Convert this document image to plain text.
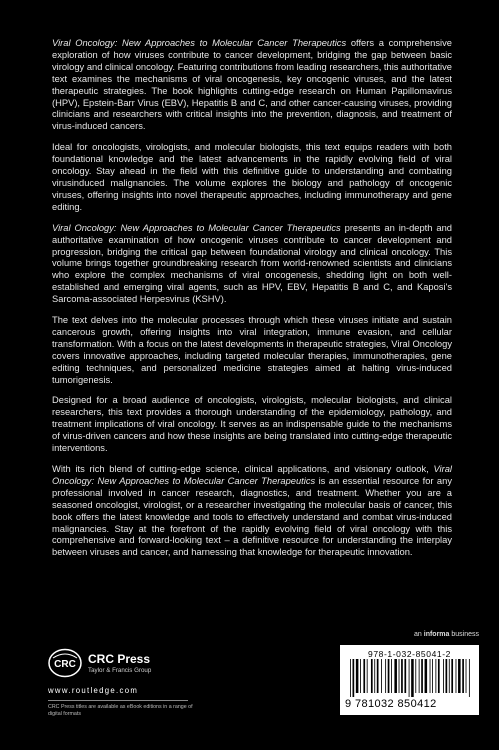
Viral Oncology: New Approaches to Molecular Cancer Therapeutics offers a comprehensive exploration of how viruses contribute to cancer development, bridging the gap between basic virology and clinical oncology. Featuring contributions from leading researchers, this authoritative text examines the mechanisms of viral oncogenesis, key oncogenic viruses, and the latest therapeutic strategies. The book highlights cutting-edge research on Human Papillomavirus (HPV), Epstein-Barr Virus (EBV), Hepatitis B and C, and other cancer-causing viruses, providing clinicians and researchers with critical insights into the prevention, diagnosis, and treatment of virus-induced cancers.

Ideal for oncologists, virologists, and molecular biologists, this text equips readers with both foundational knowledge and the latest advancements in the rapidly evolving field of viral oncology. Stay ahead in the field with this definitive guide to understanding and combating virusinduced malignancies. The volume explores the biology and pathology of oncogenic viruses, offering insights into novel therapeutic approaches, including immunotherapy and gene editing.

Viral Oncology: New Approaches to Molecular Cancer Therapeutics presents an in-depth and authoritative examination of how oncogenic viruses contribute to cancer development and progression, bridging the critical gap between foundational virology and clinical oncology. This volume brings together groundbreaking research from world-renowned scientists and clinicians who explore the complex mechanisms of viral oncogenesis, shedding light on both well-established and emerging viral agents, such as HPV, EBV, Hepatitis B and C, and Kaposi's Sarcoma-associated Herpesvirus (KSHV).

The text delves into the molecular processes through which these viruses initiate and sustain cancerous growth, offering insights into viral integration, immune evasion, and cellular transformation. With a focus on the latest developments in therapeutic strategies, Viral Oncology covers innovative approaches, including targeted molecular therapies, immunotherapies, gene editing techniques, and personalized medicine strategies aimed at halting virus-induced tumorigenesis.

Designed for a broad audience of oncologists, virologists, molecular biologists, and clinical researchers, this text provides a thorough understanding of the epidemiology, pathology, and treatment implications of viral oncology. It serves as an indispensable guide to the mechanisms of virus-driven cancers and how these insights are being translated into cutting-edge therapeutic interventions.

With its rich blend of cutting-edge science, clinical applications, and visionary outlook, Viral Oncology: New Approaches to Molecular Cancer Therapeutics is an essential resource for any professional involved in cancer research, diagnostics, and treatment. Whether you are a seasoned oncologist, virologist, or a researcher investigating the molecular basis of cancer, this book offers the latest knowledge and tools to effectively understand and combat virus-induced malignancies. Stay at the forefront of the rapidly evolving field of viral oncology with this comprehensive and forward-looking text – a definitive resource for understanding the interplay between viruses and cancer, and harnessing that knowledge for therapeutic innovation.

an informa business
CRC CRC Press
Taylor & Francis Group
www.routledge.com
CRC Press titles are available as eBook editions in a range of digital formats
978-1-032-85041-2
9 781032 850412
